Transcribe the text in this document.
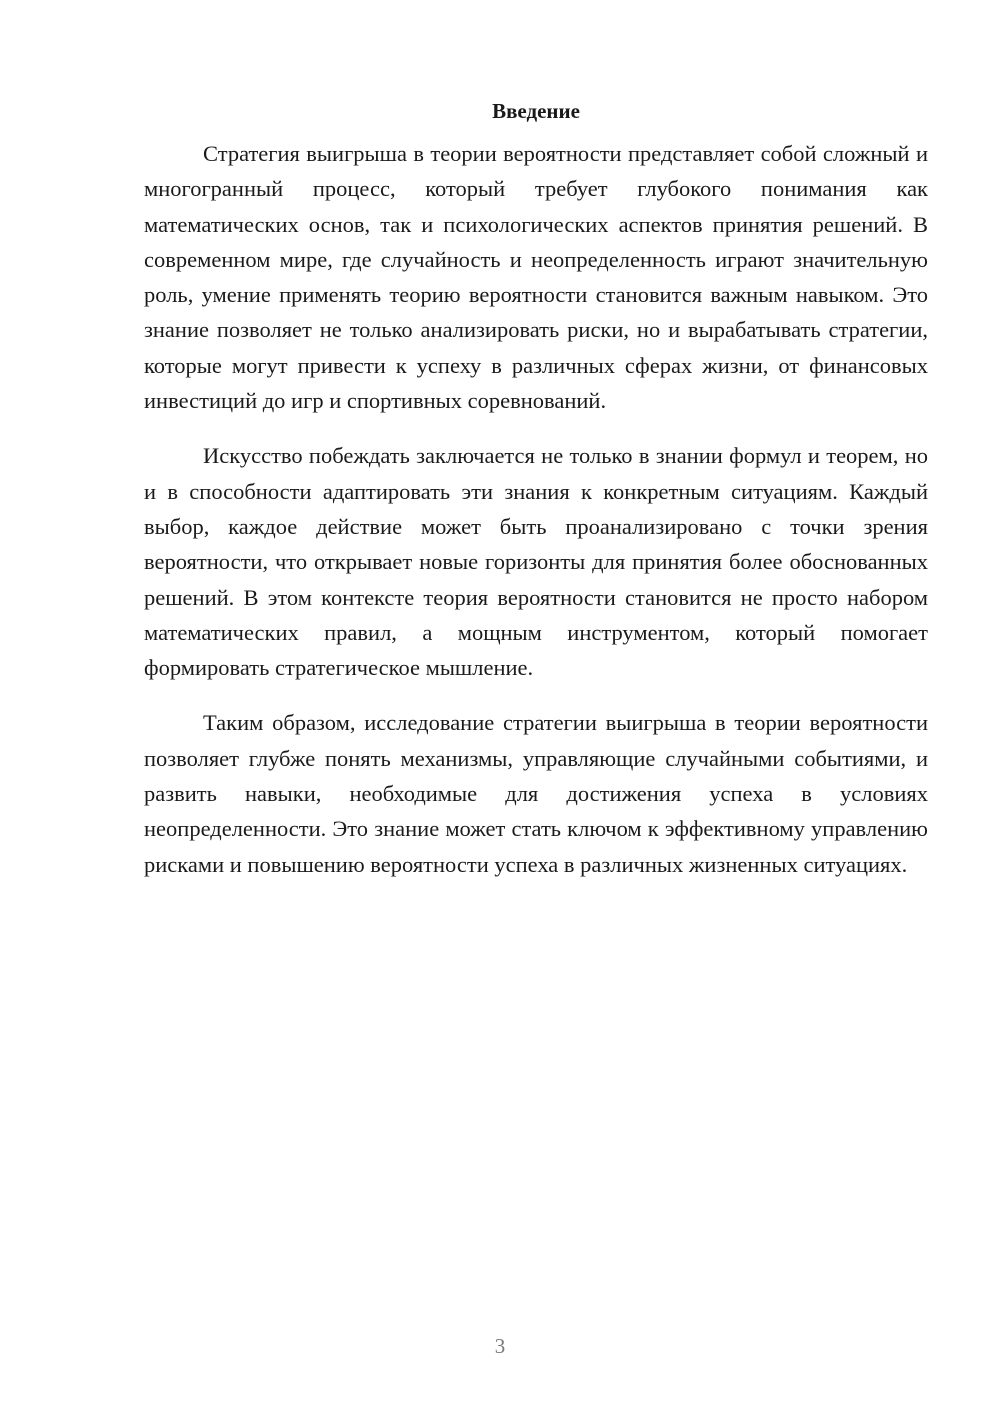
Введение

Стратегия выигрыша в теории вероятности представляет собой сложный и многогранный процесс, который требует глубокого понимания как математических основ, так и психологических аспектов принятия решений. В современном мире, где случайность и неопределенность играют значительную роль, умение применять теорию вероятности становится важным навыком. Это знание позволяет не только анализировать риски, но и вырабатывать стратегии, которые могут привести к успеху в различных сферах жизни, от финансовых инвестиций до игр и спортивных соревнований.

Искусство побеждать заключается не только в знании формул и теорем, но и в способности адаптировать эти знания к конкретным ситуациям. Каждый выбор, каждое действие может быть проанализировано с точки зрения вероятности, что открывает новые горизонты для принятия более обоснованных решений. В этом контексте теория вероятности становится не просто набором математических правил, а мощным инструментом, который помогает формировать стратегическое мышление.

Таким образом, исследование стратегии выигрыша в теории вероятности позволяет глубже понять механизмы, управляющие случайными событиями, и развить навыки, необходимые для достижения успеха в условиях неопределенности. Это знание может стать ключом к эффективному управлению рисками и повышению вероятности успеха в различных жизненных ситуациях.

3
